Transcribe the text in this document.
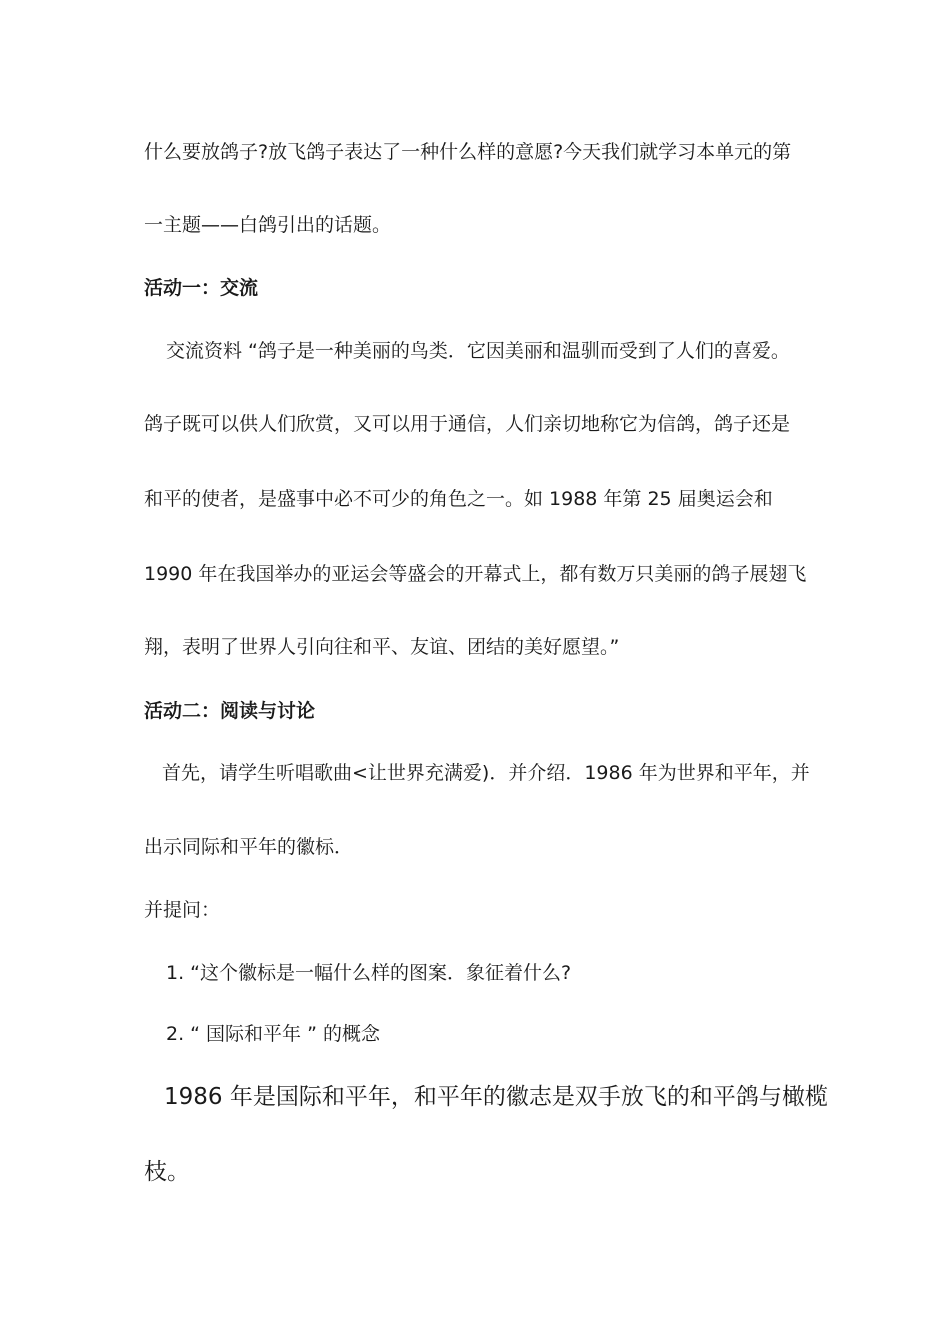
什么要放鸽子?放飞鸽子表达了一种什么样的意愿?今天我们就学习本单元的第
一主题——白鸽引出的话题。
活动一：交流
交流资料 “鸽子是一种美丽的鸟类．它因美丽和温驯而受到了人们的喜爱。
鸽子既可以供人们欣赏，又可以用于通信，人们亲切地称它为信鸽，鸽子还是
和平的使者，是盛事中必不可少的角色之一。如 1988 年第 25 届奥运会和
1990 年在我国举办的亚运会等盛会的开幕式上，都有数万只美丽的鸽子展翅飞
翔，表明了世界人引向往和平、友谊、团结的美好愿望。”
活动二：阅读与讨论
首先，请学生听唱歌曲<让世界充满爱)．并介绍．1986 年为世界和平年，并
出示同际和平年的徽标．
并提问：
1. “这个徽标是一幅什么样的图案．象征着什么?
2. “ 国际和平年 ” 的概念
1986 年是国际和平年，和平年的徽志是双手放飞的和平鸽与橄榄
枝。
